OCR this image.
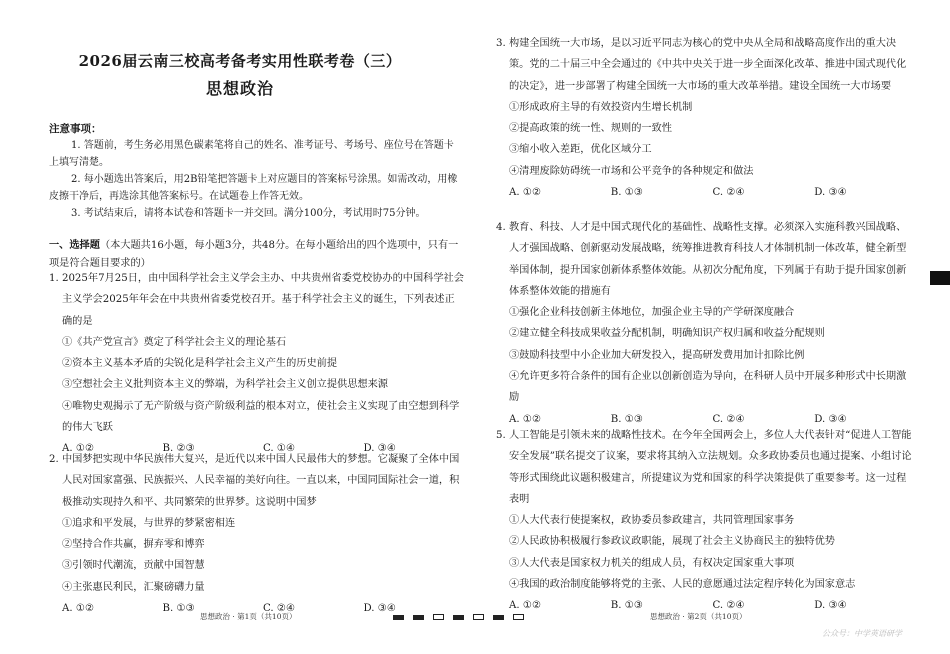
2026届云南三校高考备考实用性联考卷（三）
思想政治
注意事项：

1. 答题前，考生务必用黑色碳素笔将自己的姓名、准考证号、考场号、座位号在答题卡上填写清楚。

2. 每小题选出答案后，用2B铅笔把答题卡上对应题目的答案标号涂黑。如需改动，用橡皮擦干净后，再选涂其他答案标号。在试题卷上作答无效。

3. 考试结束后，请将本试卷和答题卡一并交回。满分100分，考试用时75分钟。

一、选择题（本大题共16小题，每小题3分，共48分。在每小题给出的四个选项中，只有一项是符合题目要求的）

1. 2025年7月25日，由中国科学社会主义学会主办、中共贵州省委党校协办的中国科学社会主义学会2025年年会在中共贵州省委党校召开。基于科学社会主义的诞生，下列表述正确的是

①《共产党宣言》奠定了科学社会主义的理论基石

②资本主义基本矛盾的尖锐化是科学社会主义产生的历史前提

③空想社会主义批判资本主义的弊端，为科学社会主义创立提供思想来源

④唯物史观揭示了无产阶级与资产阶级利益的根本对立，使社会主义实现了由空想到科学的伟大飞跃

A. ①②	B. ②③	C. ①④	D. ③④

2. 中国梦把实现中华民族伟大复兴，是近代以来中国人民最伟大的梦想。它凝聚了全体中国人民对国家富强、民族振兴、人民幸福的美好向往。一直以来，中国同国际社会一道，积极推动实现持久和平、共同繁荣的世界梦。这说明中国梦

①追求和平发展，与世界的梦紧密相连

②坚持合作共赢，摒弃零和博弈

③引领时代潮流，贡献中国智慧

④主张惠民利民，汇聚磅礴力量

A. ①②	B. ①③	C. ②④	D. ③④
思想政治 · 第1页（共10页）

3. 构建全国统一大市场，是以习近平同志为核心的党中央从全局和战略高度作出的重大决策。党的二十届三中全会通过的《中共中央关于进一步全面深化改革、推进中国式现代化的决定》，进一步部署了构建全国统一大市场的重大改革举措。建设全国统一大市场要

①形成政府主导的有效投资内生增长机制

②提高政策的统一性、规则的一致性

③缩小收入差距，优化区域分工

④清理废除妨碍统一市场和公平竞争的各种规定和做法

A. ①②	B. ①③	C. ②④	D. ③④

4. 教育、科技、人才是中国式现代化的基础性、战略性支撑。必须深入实施科教兴国战略、人才强国战略、创新驱动发展战略，统筹推进教育科技人才体制机制一体改革，健全新型举国体制，提升国家创新体系整体效能。从初次分配角度，下列属于有助于提升国家创新体系整体效能的措施有

①强化企业科技创新主体地位，加强企业主导的产学研深度融合

②建立健全科技成果收益分配机制，明确知识产权归属和收益分配规则

③鼓励科技型中小企业加大研发投入，提高研发费用加计扣除比例

④允许更多符合条件的国有企业以创新创造为导向，在科研人员中开展多种形式中长期激励

A. ①②	B. ①③	C. ②④	D. ③④

5. 人工智能是引领未来的战略性技术。在今年全国两会上，多位人大代表针对“促进人工智能安全发展”联名提交了议案，要求将其纳入立法规划。众多政协委员也通过提案、小组讨论等形式围绕此议题积极建言，所提建议为党和国家的科学决策提供了重要参考。这一过程表明

①人大代表行使提案权，政协委员参政建言，共同管理国家事务

②人民政协积极履行参政议政职能，展现了社会主义协商民主的独特优势

③人大代表是国家权力机关的组成人员，有权决定国家重大事项

④我国的政治制度能够将党的主张、人民的意愿通过法定程序转化为国家意志

A. ①②	B. ①③	C. ②④	D. ③④
思想政治 · 第2页（共10页）
公众号：中学英语研学
